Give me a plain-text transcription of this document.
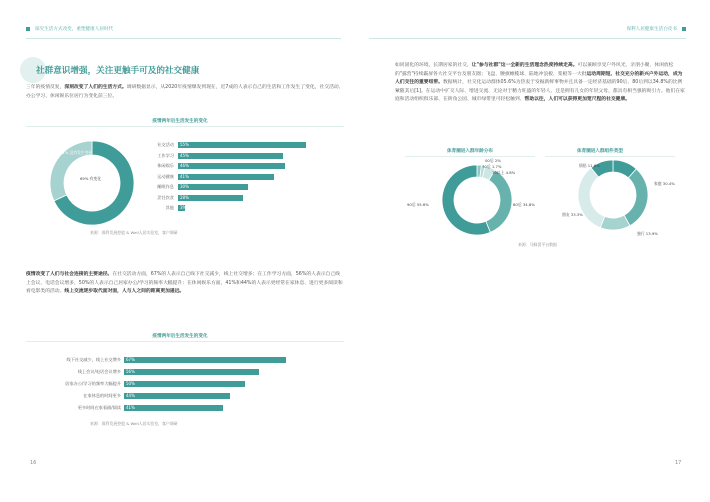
探究生活方式改变，重塑健康人居时代
社群意识增强，关注更触手可及的社交健康
三年的疫情反复，深刻改变了人们的生活方式。调研数据显示，从2020年疫情爆发到现在，近7成的人表示自己的生活和工作发生了变化，社交活动、办公学习、休闲娱乐位居行为变化前三位。
疫情两年后生活发生的变化
31% 没有发生变化
69% 有变化
社交活动 55%
工作学习 45%
休闲娱乐 46%
运动健康 41%
睡眠作息 30%
烹饪饮食 28%
其他 3%
来源：保利发展控股 & Well人居实验室，客户调研
疫情改变了人们与社会连接的主要途径。在社交活动方面，67%的人表示自己线下社交减少，线上社交增多；在工作学习方面，56%的人表示自己线上会议、电话会议增多，50%的人表示自己居家办公/学习的频率大幅提升；在休闲娱乐方面，41%和44%的人表示更经常在家休息、进行更多阅读和看电影类的活动。线上交流逐步取代面对面，人与人之间的距离更加遥远。
疫情两年后生活发生的变化
线下社交减少，线上社交增多 67%
线上会议/电话会议增多 56%
居家办公/学习的频率大幅提升 50%
在家休息的时间更多 44%
更多时间在家看剧/阅读 41%
来源：保利发展控股 & Well人居实验室，客户调研
16
保利人居健康生活白皮书
如同固化的环境，长期居家的社交，让"参与社群"这一全新的生活理念热度持续走高。可以兼顾享受户外风光、亲朋小聚、休闲放松的"露营"持续霸屏各大社交平台及朋友圈；飞盘、腰旗橄榄球、陆地冲浪板、桨板等一大批运动周期短、社交充分的新兴户外运动，成为人们交往的重要纽带。数据统计，社交化运动群体05.6%为热衷于发掘新鲜事物并且具备一定经济基础的90后、80后到以34.8%的比例紧随其后[1]。在运动中扩交人际、增进交流、无论对于精力旺盛的年轻人、还是拥有儿女的年轻父母，都具有相当强的吸引力。他们在家庭和活动组织俱乐部、在街角公园、城市绿带里可轻松触到、帮助以往，人们可以获得更加宽尺程的社交健康。
体育圈进入群年龄分布	体育圈进入群组件类型
00后 2%
70后 1.7%
70以上 4.8%
80后 34.8%
90后 55.6%
情侣 11.6%
家庭 30.4%
独行 13.9%
朋友 33.3%
来源：马蜂窝平台数据
17
